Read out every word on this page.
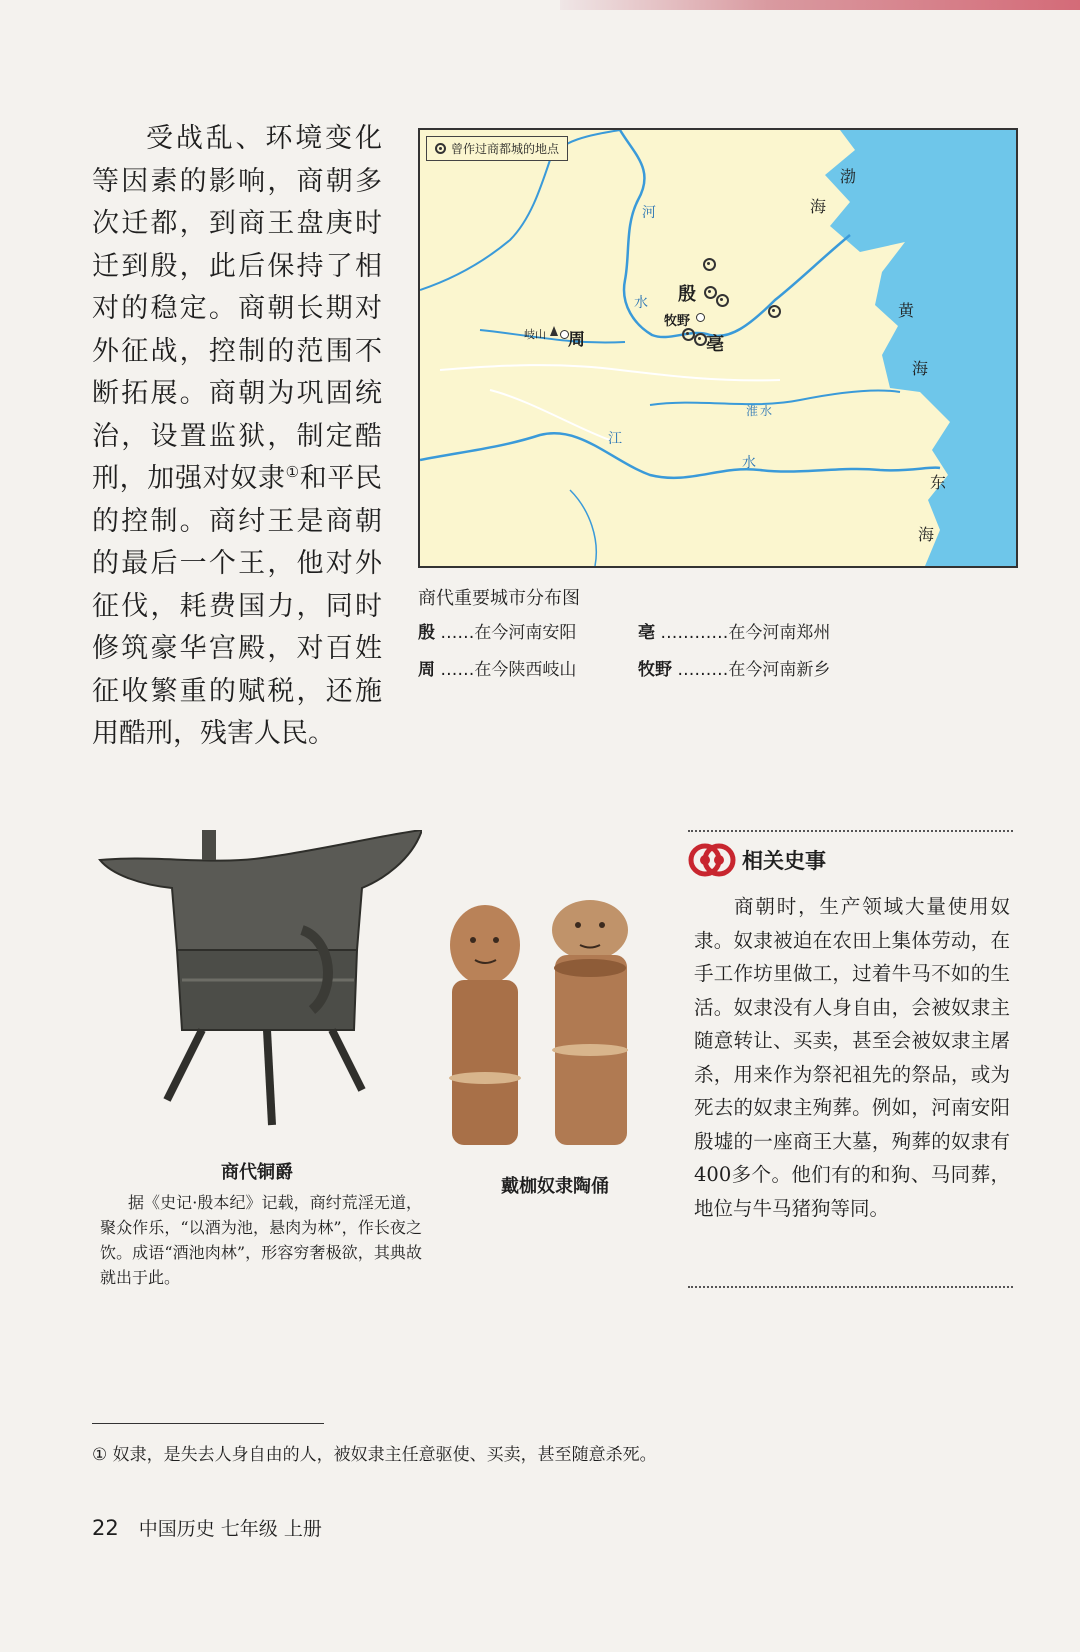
受战乱、环境变化等因素的影响，商朝多次迁都，到商王盘庚时迁到殷，此后保持了相对的稳定。商朝长期对外征战，控制的范围不断拓展。商朝为巩固统治，设置监狱，制定酷刑，加强对奴隶①和平民的控制。商纣王是商朝的最后一个王，他对外征伐，耗费国力，同时修筑豪华宫殿，对百姓征收繁重的赋税，还施用酷刑，残害人民。

曾作过商都城的地点
渤
海
黄
海
东
海
河
水
江
水
淮 水
殷
牧野
亳
岐山 周
商代重要城市分布图
殷 ……在今河南安阳	亳 …………在今河南郑州
周 ……在今陕西岐山	牧野 ………在今河南新乡
商代铜爵

据《史记·殷本纪》记载，商纣荒淫无道，聚众作乐，“以酒为池，悬肉为林”，作长夜之饮。成语“酒池肉林”，形容穷奢极欲，其典故就出于此。

戴枷奴隶陶俑
相关史事

商朝时，生产领域大量使用奴隶。奴隶被迫在农田上集体劳动，在手工作坊里做工，过着牛马不如的生活。奴隶没有人身自由，会被奴隶主随意转让、买卖，甚至会被奴隶主屠杀，用来作为祭祀祖先的祭品，或为死去的奴隶主殉葬。例如，河南安阳殷墟的一座商王大墓，殉葬的奴隶有400多个。他们有的和狗、马同葬，地位与牛马猪狗等同。

① 奴隶，是失去人身自由的人，被奴隶主任意驱使、买卖，甚至随意杀死。
22 中国历史 七年级 上册
